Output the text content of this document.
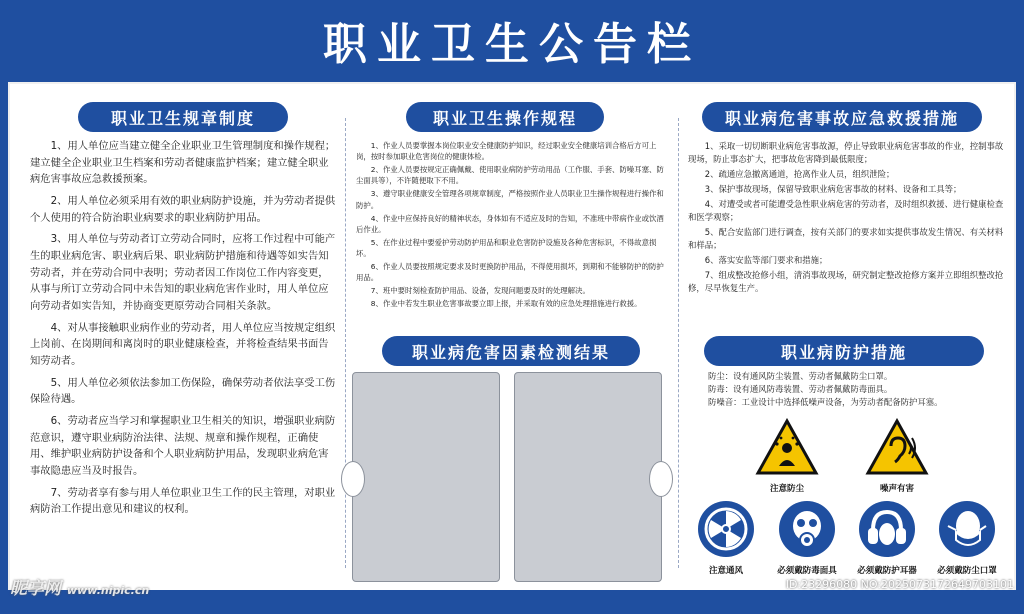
职业卫生公告栏
职业卫生规章制度

1、用人单位应当建立健全企业职业卫生管理制度和操作规程；建立健全企业职业卫生档案和劳动者健康监护档案；建立健全职业病危害事故应急救援预案。

2、用人单位必须采用有效的职业病防护设施，并为劳动者提供个人使用的符合防治职业病要求的职业病防护用品。

3、用人单位与劳动者订立劳动合同时，应将工作过程中可能产生的职业病危害、职业病后果、职业病防护措施和待遇等如实告知劳动者，并在劳动合同中表明；劳动者因工作岗位工作内容变更，从事与所订立劳动合同中未告知的职业病危害作业时，用人单位应向劳动者如实告知，并协商变更原劳动合同相关条款。

4、对从事接触职业病作业的劳动者，用人单位应当按规定组织上岗前、在岗期间和离岗时的职业健康检查，并将检查结果书面告知劳动者。

5、用人单位必须依法参加工伤保险，确保劳动者依法享受工伤保险待遇。

6、劳动者应当学习和掌握职业卫生相关的知识，增强职业病防范意识，遵守职业病防治法律、法规、规章和操作规程，正确使用、维护职业病防护设备和个人职业病防护用品，发现职业病危害事故隐患应当及时报告。

7、劳动者享有参与用人单位职业卫生工作的民主管理，对职业病防治工作提出意见和建议的权利。

职业卫生操作规程

1、作业人员要掌握本岗位职业安全健康防护知识，经过职业安全健康培训合格后方可上岗，按时参加职业危害岗位的健康体检。

2、作业人员要按规定正确佩戴、使用职业病防护劳动用品（工作服、手套、防噪耳塞、防尘面具等），不许随便取下不用。

3、遵守职业健康安全管理各项规章制度，严格按照作业人员职业卫生操作规程进行操作和防护。

4、作业中应保持良好的精神状态，身体如有不适应及时的告知，不准班中带病作业或饮酒后作业。

5、在作业过程中要爱护劳动防护用品和职业危害防护设施及各种危害标识，不得故意损坏。

6、作业人员要按照规定要求及时更换防护用品，不得使用损坏，到期和不能够防护的防护用品。

7、班中要时刻检查防护用品、设备，发现问题要及时的处理解决。

8、作业中若发生职业危害事故要立即上报，并采取有效的应急处理措施进行救援。

职业病危害因素检测结果
职业病危害事故应急救援措施

1、采取一切切断职业病危害事故源，停止导致职业病危害事故的作业，控制事故现场，防止事态扩大，把事故危害降到最低限度；

2、疏通应急撤离通道，抢离作业人员，组织泄险；

3、保护事故现场，保留导致职业病危害事故的材料、设备和工具等；

4、对遭受或者可能遭受急性职业病危害的劳动者，及时组织救援、进行健康检查和医学观察；

5、配合安监部门进行调查，按有关部门的要求如实提供事故发生情况、有关材料和样品；

6、落实安监等部门要求和措施；

7、组成整改抢修小组，清消事故现场，研究制定整改抢修方案并立即组织整改抢修，尽早恢复生产。

职业病防护措施

防尘：设有通风防尘装置、劳动者佩戴防尘口罩。

防毒：设有通风防毒装置、劳动者佩戴防毒面具。

防噪音：工业设计中选择低噪声设备，为劳动者配备防护耳塞。

注意防尘	噪声有害
注意通风	必须戴防毒面具	必须戴防护耳器	必须戴防尘口罩
昵享网 www.nipic.cn	ID:23296080 NO:20250731726497​03101
